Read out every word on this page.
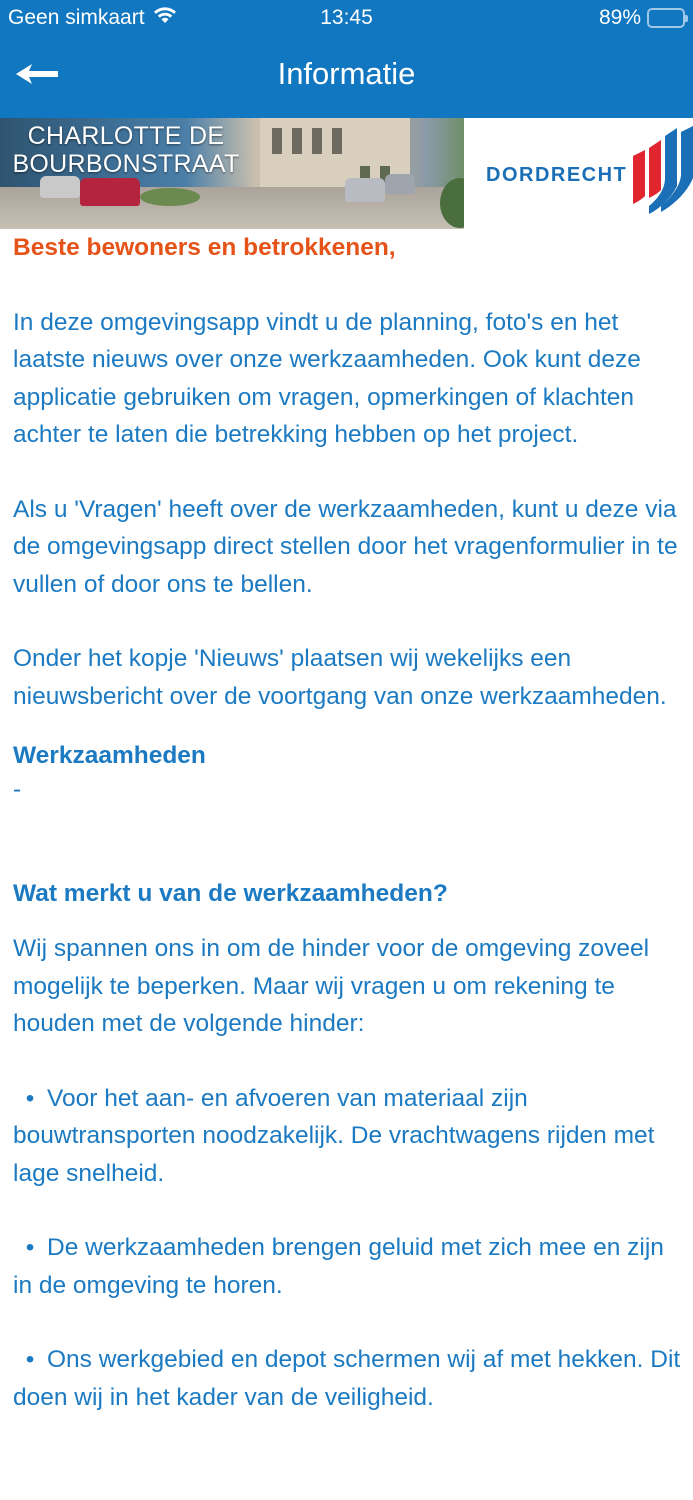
Geen simkaart	13:45	89%
Informatie
CHARLOTTE DE
BOURBONSTRAAT	DORDRECHT

Beste bewoners en betrokkenen,

In deze omgevingsapp vindt u de planning, foto's en het laatste nieuws over onze werkzaamheden. Ook kunt deze applicatie gebruiken om vragen, opmerkingen of klachten achter te laten die betrekking hebben op het project.

Als u 'Vragen' heeft over de werkzaamheden, kunt u deze via de omgevingsapp direct stellen door het vragenformulier in te vullen of door ons te bellen.

Onder het kopje 'Nieuws' plaatsen wij wekelijks een nieuwsbericht over de voortgang van onze werkzaamheden.

Werkzaamheden

-

Wat merkt u van de werkzaamheden?

Wij spannen ons in om de hinder voor de omgeving zoveel mogelijk te beperken. Maar wij vragen u om rekening te houden met de volgende hinder:

• Voor het aan- en afvoeren van materiaal zijn bouwtransporten noodzakelijk. De vrachtwagens rijden met lage snelheid.

• De werkzaamheden brengen geluid met zich mee en zijn in de omgeving te horen.

• Ons werkgebied en depot schermen wij af met hekken. Dit doen wij in het kader van de veiligheid.
